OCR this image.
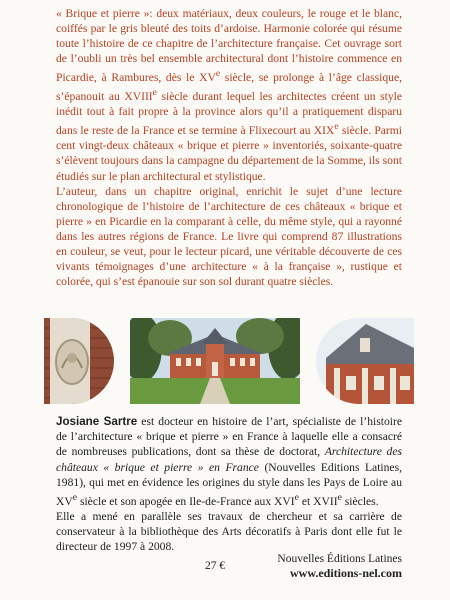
« Brique et pierre »: deux matériaux, deux couleurs, le rouge et le blanc, coiffés par le gris bleuté des toits d’ardoise. Harmonie colorée qui résume toute l’histoire de ce chapitre de l’architecture française. Cet ouvrage sort de l’oubli un très bel ensemble architectural dont l’histoire commence en Picardie, à Rambures, dès le XVe siècle, se prolonge à l’âge classique, s’épanouit au XVIIIe siècle durant lequel les architectes créent un style inédit tout à fait propre à la province alors qu’il a pratiquement disparu dans le reste de la France et se termine à Flixecourt au XIXe siècle. Parmi cent vingt-deux châteaux « brique et pierre » inventoriés, soixante-quatre s’élèvent toujours dans la campagne du département de la Somme, ils sont étudiés sur le plan architectural et stylistique.

L’auteur, dans un chapitre original, enrichit le sujet d’une lecture chronologique de l’histoire de l’architecture de ces châteaux « brique et pierre » en Picardie en la comparant à celle, du même style, qui a rayonné dans les autres régions de France. Le livre qui comprend 87 illustrations en couleur, se veut, pour le lecteur picard, une véritable découverte de ces vivants témoignages d’une architecture « à la française », rustique et colorée, qui s’est épanouie sur son sol durant quatre siècles.

Josiane Sartre est docteur en histoire de l’art, spécialiste de l’histoire de l’architecture « brique et pierre » en France à laquelle elle a consacré de nombreuses publications, dont sa thèse de doctorat, Architecture des châteaux « brique et pierre » en France (Nouvelles Editions Latines, 1981), qui met en évidence les origines du style dans les Pays de Loire au XVe siècle et son apogée en Ile-de-France aux XVIe et XVIIe siècles.

Elle a mené en parallèle ses travaux de chercheur et sa carrière de conservateur à la bibliothèque des Arts décoratifs à Paris dont elle fut le directeur de 1997 à 2008.

27 €
Nouvelles Éditions Latines
www.editions-nel.com
